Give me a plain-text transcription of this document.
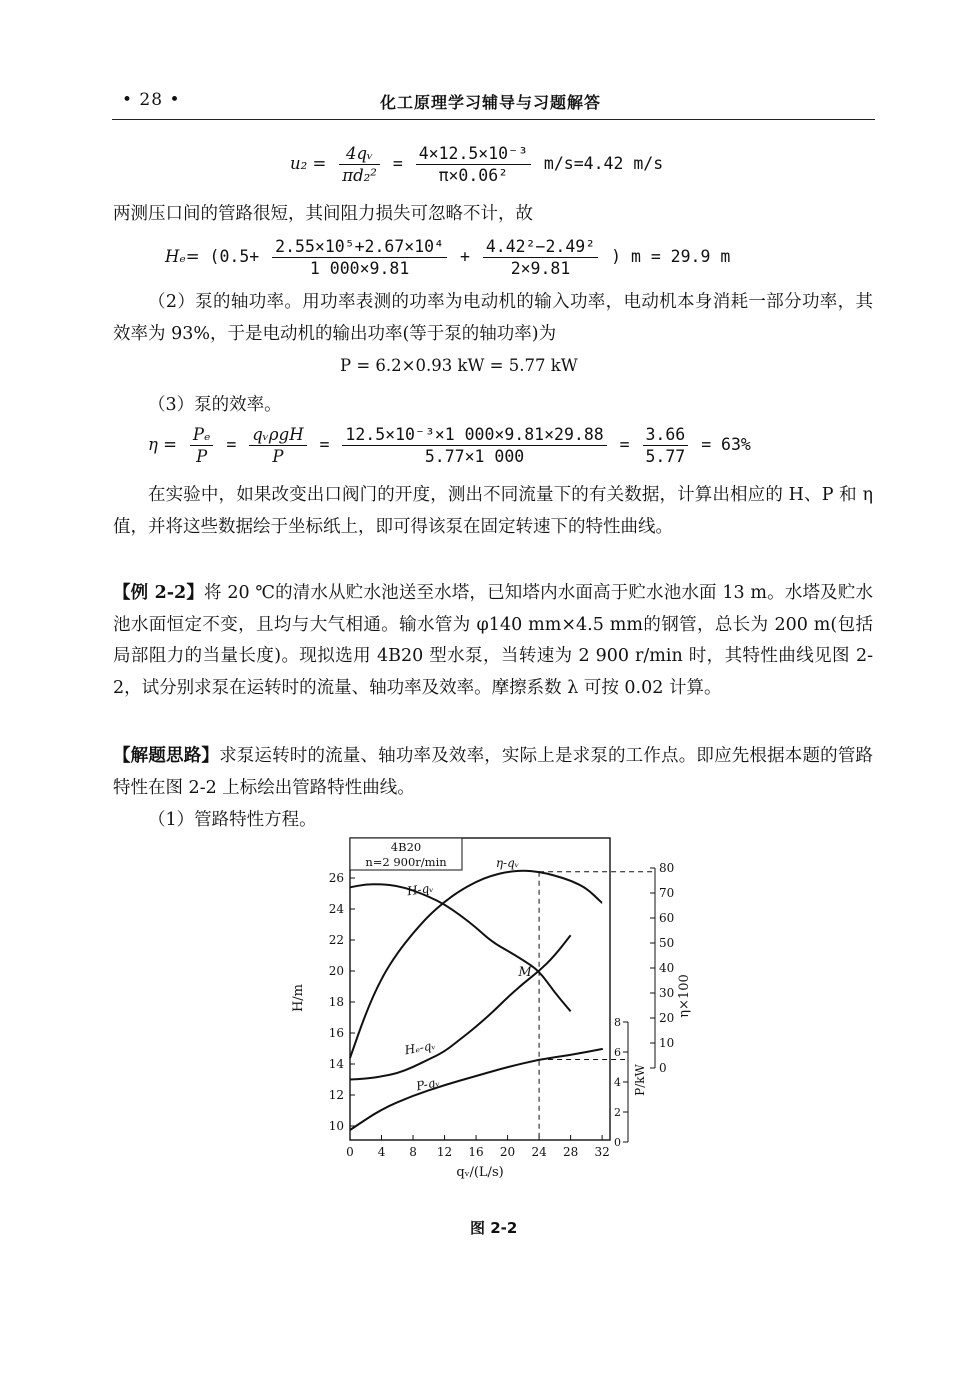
• 28 •	化工原理学习辅导与习题解答
$u_2 = \frac{\text{4qᵥ}}{\text{πd₂²}} = \frac{\text{4×12.5×10⁻³}}{\text{π×0.06²}} m/s=4.42$ m/s
两测压口间的管路很短，其间阻力损失可忽略不计，故
$H_e= (0.5+ \frac{\text{2.55×10⁵+2.67×10⁴}}{1 000\times 9.81} + \frac{\text{4.42²−2.49²}}{2\times 9.81}$ ) m = 29.9 m
（2）泵的轴功率。用功率表测的功率为电动机的输入功率，电动机本身消耗一部分功率，其效率为 93%，于是电动机的输出功率(等于泵的轴功率)为
P = 6.2×0.93 kW = 5.77 kW
（3）泵的效率。
$\eta = \frac{\text{Pₑ}}{P} = \frac{\text{qᵥρgH}}{P} = \frac{\text{12.5×10⁻³×1 000×9.81×29.88}}{5.77\times 1 000} = \frac{3.66}{5.77} = 63\%$
在实验中，如果改变出口阀门的开度，测出不同流量下的有关数据，计算出相应的 H、P 和 η 值，并将这些数据绘于坐标纸上，即可得该泵在固定转速下的特性曲线。
【例 2-2】将 20 ℃的清水从贮水池送至水塔，已知塔内水面高于贮水池水面 13 m。水塔及贮水池水面恒定不变，且均与大气相通。输水管为 φ140 mm×4.5 mm的钢管，总长为 200 m(包括局部阻力的当量长度)。现拟选用 4B20 型水泵，当转速为 2 900 r/min 时，其特性曲线见图 2-2，试分别求泵在运转时的流量、轴功率及效率。摩擦系数 λ 可按 0.02 计算。
【解题思路】求泵运转时的流量、轴功率及效率，实际上是求泵的工作点。即应先根据本题的管路特性在图 2-2 上标绘出管路特性曲线。
（1）管路特性方程。
10
12
14
16
18
20
22
24
26
0 4 8 12 16 20 24 28 32
0
10
20
30
40
50
60
70
80
0
2
4
6
8
qᵥ/(L/s)
H/m	η×100
P/kW
4B20
n=2 900r/min
H-qᵥ
Hₑ-qᵥ
η-qᵥ
P-qᵥ
M
图 2-2
